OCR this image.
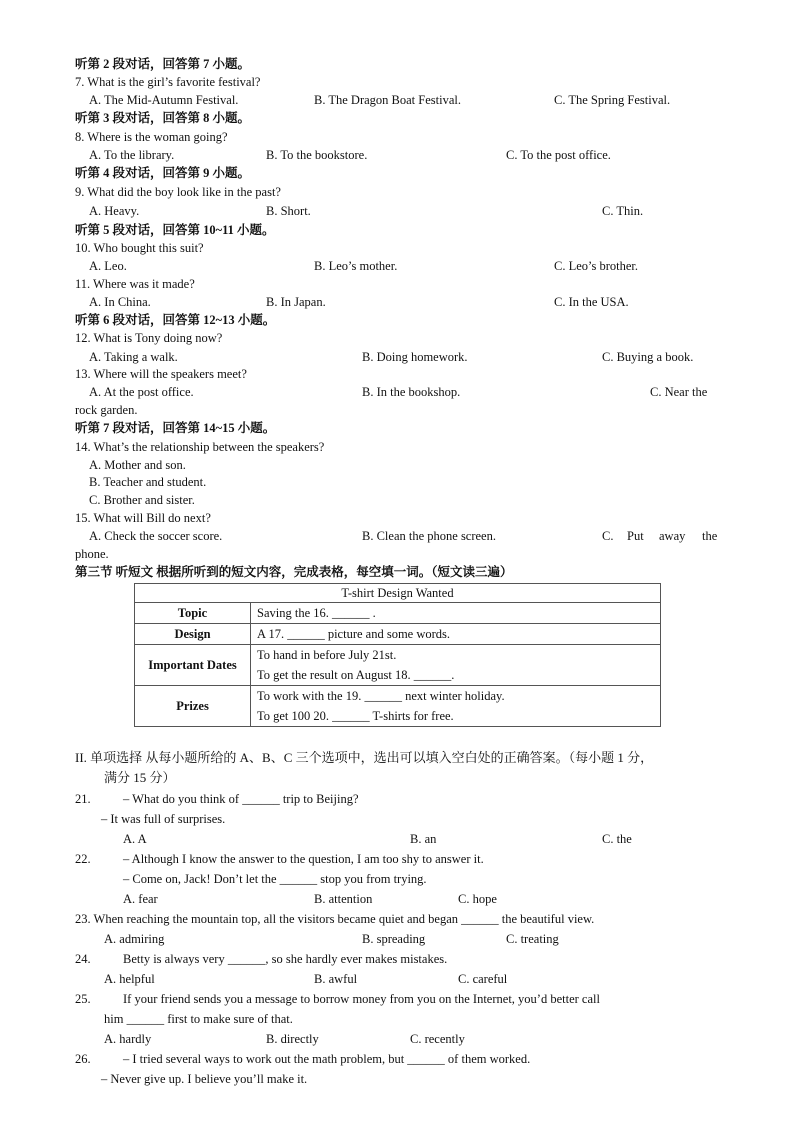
听第 2 段对话，回答第 7 小题。
7. What is the girl’s favorite festival?
A. The Mid-Autumn Festival.	B. The Dragon Boat Festival.	C. The Spring Festival.
听第 3 段对话，回答第 8 小题。
8. Where is the woman going?
A. To the library.	B. To the bookstore.	C. To the post office.
听第 4 段对话，回答第 9 小题。
9. What did the boy look like in the past?
A. Heavy.	B. Short.	C. Thin.
听第 5 段对话，回答第 10~11 小题。
10. Who bought this suit?
A. Leo.	B. Leo’s mother.	C. Leo’s brother.
11. Where was it made?
A. In China.	B. In Japan.	C. In the USA.
听第 6 段对话，回答第 12~13 小题。
12. What is Tony doing now?
A. Taking a walk.	B. Doing homework.	C. Buying a book.
13. Where will the speakers meet?
A. At the post office.	B. In the bookshop.	C. Near the
rock garden.
听第 7 段对话，回答第 14~15 小题。
14. What’s the relationship between the speakers?
A. Mother and son.
B. Teacher and student.
C. Brother and sister.
15. What will Bill do next?
A. Check the soccer score.	B. Clean the phone screen.	C. Put away the
phone.
第三节 听短文 根据所听到的短文内容，完成表格，每空填一词。（短文读三遍）
T-shirt Design Wanted	
Topic	Saving the 16. ______ .
Design	A 17. ______ picture and some words.
Important Dates	To hand in before July 21st.
To get the result on August 18. ______.

Prizes	To work with the 19. ______ next winter holiday.
To get 100 20. ______ T-shirts for free.
II. 单项选择 从每小题所给的 A、B、C 三个选项中，选出可以填入空白处的正确答案。（每小题 1 分，
满分 15 分）
21.	– What do you think of ______ trip to Beijing?
– It was full of surprises.
A. A	B. an	C. the
22.	– Although I know the answer to the question, I am too shy to answer it.
– Come on, Jack! Don’t let the ______ stop you from trying.
A. fear	B. attention	C. hope
23. When reaching the mountain top, all the visitors became quiet and began ______ the beautiful view.
A. admiring	B. spreading	C. treating
24.	Betty is always very ______, so she hardly ever makes mistakes.
A. helpful	B. awful	C. careful
25.	If your friend sends you a message to borrow money from you on the Internet, you’d better call
him ______ first to make sure of that.
A. hardly	B. directly	C. recently
26.	– I tried several ways to work out the math problem, but ______ of them worked.
– Never give up. I believe you’ll make it.
